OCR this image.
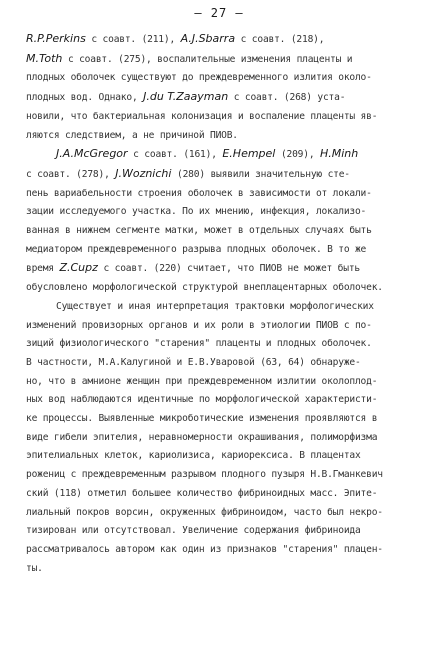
– 27 –
R.P.Perkins с соавт. (211), A.J.Sbarra с соавт. (218),
M.Toth с соавт. (275), воспалительные изменения плаценты и
плодных оболочек существуют до преждевременного излития около-
плодных вод. Однако, J.du T.Zaayman с соавт. (268) уста-
новили, что бактериальная колонизация и воспаление плаценты яв-
ляются следствием, а не причиной ПИОВ.
J.A.McGregor с соавт. (161), E.Hempel (209), H.Minh
с соавт. (278), J.Woznichi (280) выявили значительную сте-
пень вариабельности строения оболочек в зависимости от локали-
зации исследуемого участка. По их мнению, инфекция, локализо-
ванная в нижнем сегменте матки, может в отдельных случаях быть
медиатором преждевременного разрыва плодных оболочек. В то же
время Z.Cupz с соавт. (220) считает, что ПИОВ не может быть
обусловлено морфологической структурой внеплацентарных оболочек.
Существует и иная интерпретация трактовки морфологических
изменений провизорных органов и их роли в этиологии ПИОВ с по-
зиций физиологического "старения" плаценты и плодных оболочек.
В частности, М.А.Калугиной и Е.В.Уваровой (63, 64) обнаруже-
но, что в амнионе женщин при преждевременном излитии околоплод-
ных вод наблюдаются идентичные по морфологической характеристи-
ке процессы. Выявленные микроботические изменения проявляются в
виде гибели эпителия, неравномерности окрашивания, полиморфизма
эпителиальных клеток, кариолизиса, кариорексиса. В плацентах
рожениц с преждевременным разрывом плодного пузыря Н.В.Гманкевич
ский (118) отметил большее количество фибриноидных масс. Эпите-
лиальный покров ворсин, окруженных фибриноидом, часто был некро-
тизирован или отсутствовал. Увеличение содержания фибриноида
рассматривалось автором как один из признаков "старения" плацен-
ты.
